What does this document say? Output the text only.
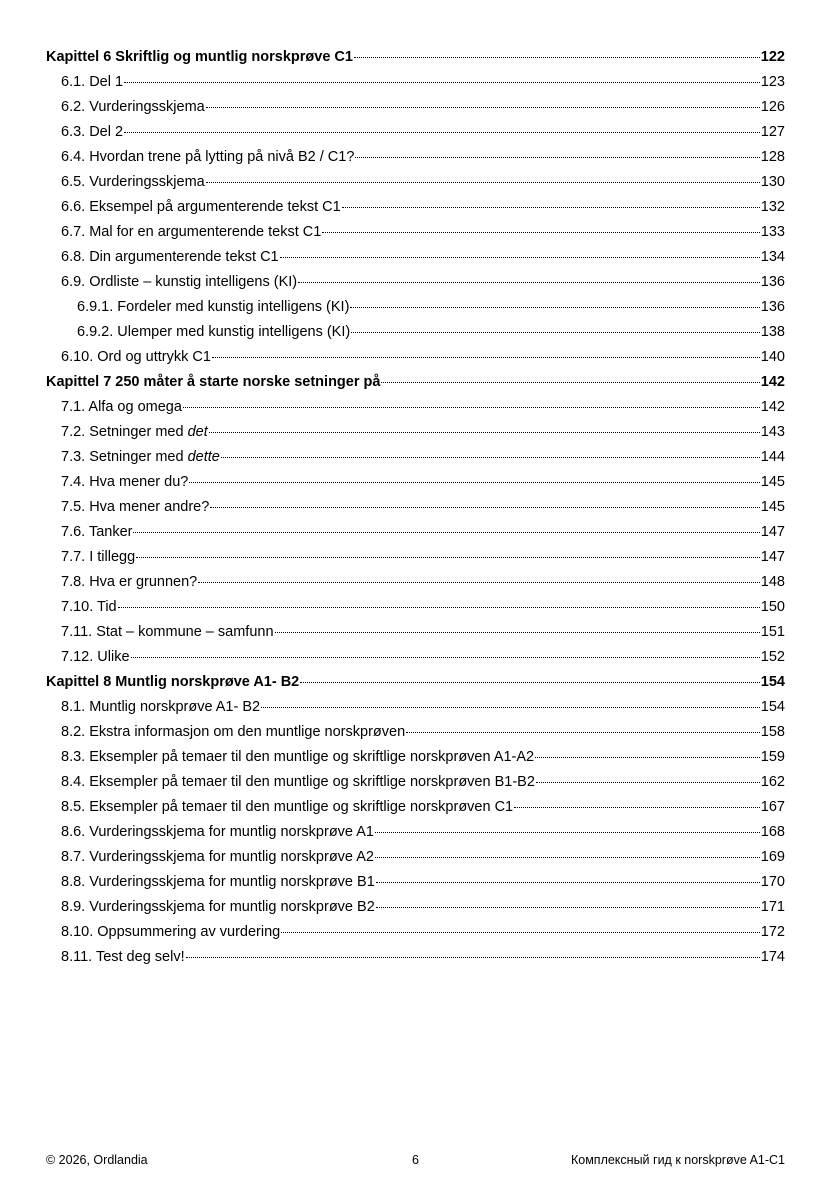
Kapittel 6 Skriftlig og muntlig norskprøve C1	122
6.1. Del 1	123
6.2. Vurderingsskjema	126
6.3. Del 2	127
6.4. Hvordan trene på lytting på nivå B2 / C1?	128
6.5. Vurderingsskjema	130
6.6. Eksempel på argumenterende tekst C1	132
6.7. Mal for en argumenterende tekst C1	133
6.8. Din argumenterende tekst C1	134
6.9. Ordliste – kunstig intelligens (KI)	136
6.9.1. Fordeler med kunstig intelligens (KI)	136
6.9.2. Ulemper med kunstig intelligens (KI)	138
6.10. Ord og uttrykk C1	140
Kapittel 7 250 måter å starte norske setninger på	142
7.1. Alfa og omega	142
7.2. Setninger med det	143
7.3. Setninger med dette	144
7.4. Hva mener du?	145
7.5. Hva mener andre?	145
7.6. Tanker	147
7.7. I tillegg	147
7.8. Hva er grunnen?	148
7.10. Tid	150
7.11. Stat – kommune – samfunn	151
7.12. Ulike	152
Kapittel 8 Muntlig norskprøve A1- B2	154
8.1. Muntlig norskprøve A1- B2	154
8.2. Ekstra informasjon om den muntlige norskprøven	158
8.3. Eksempler på temaer til den muntlige og skriftlige norskprøven A1-A2	159
8.4. Eksempler på temaer til den muntlige og skriftlige norskprøven B1-B2	162
8.5. Eksempler på temaer til den muntlige og skriftlige norskprøven C1	167
8.6. Vurderingsskjema for muntlig norskprøve A1	168
8.7. Vurderingsskjema for muntlig norskprøve A2	169
8.8. Vurderingsskjema for muntlig norskprøve B1	170
8.9. Vurderingsskjema for muntlig norskprøve B2	171
8.10. Oppsummering av vurdering	172
8.11. Test deg selv!	174
© 2026, Ordlandia	6	Комплексный гид к norskprøve A1-C1
